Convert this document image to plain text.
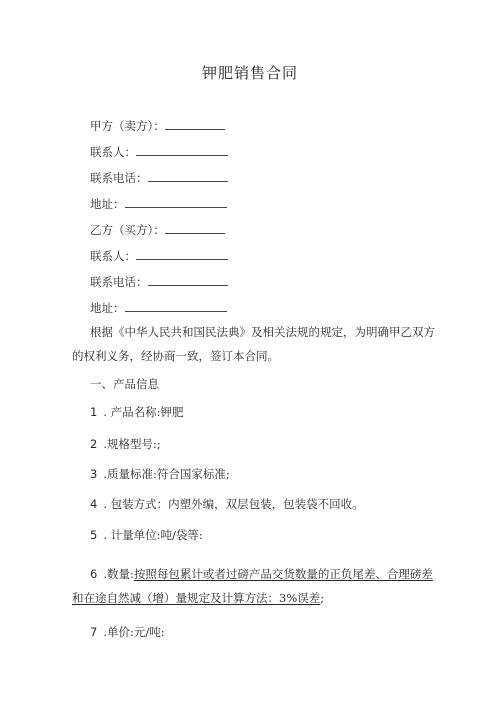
钾肥销售合同
甲方（卖方）：
联系人：
联系电话：
地址：
乙方（买方）：
联系人：
联系电话：
地址：
根据《中华人民共和国民法典》及相关法规的规定，为明确甲乙双方
的权利义务，经协商一致，签订本合同。
一、产品信息
1 . 产品名称:钾肥
2 .规格型号:;
3 .质量标准:符合国家标准;
4 . 包装方式：内塑外编，双层包装，包装袋不回收。
5 . 计量单位:吨/袋等:
6 .数量:按照每包累计或者过磅产品交货数量的正负尾差、合理磅差
和在途自然减（增）量规定及计算方法：3%误差;
7 .单价:元/吨:
